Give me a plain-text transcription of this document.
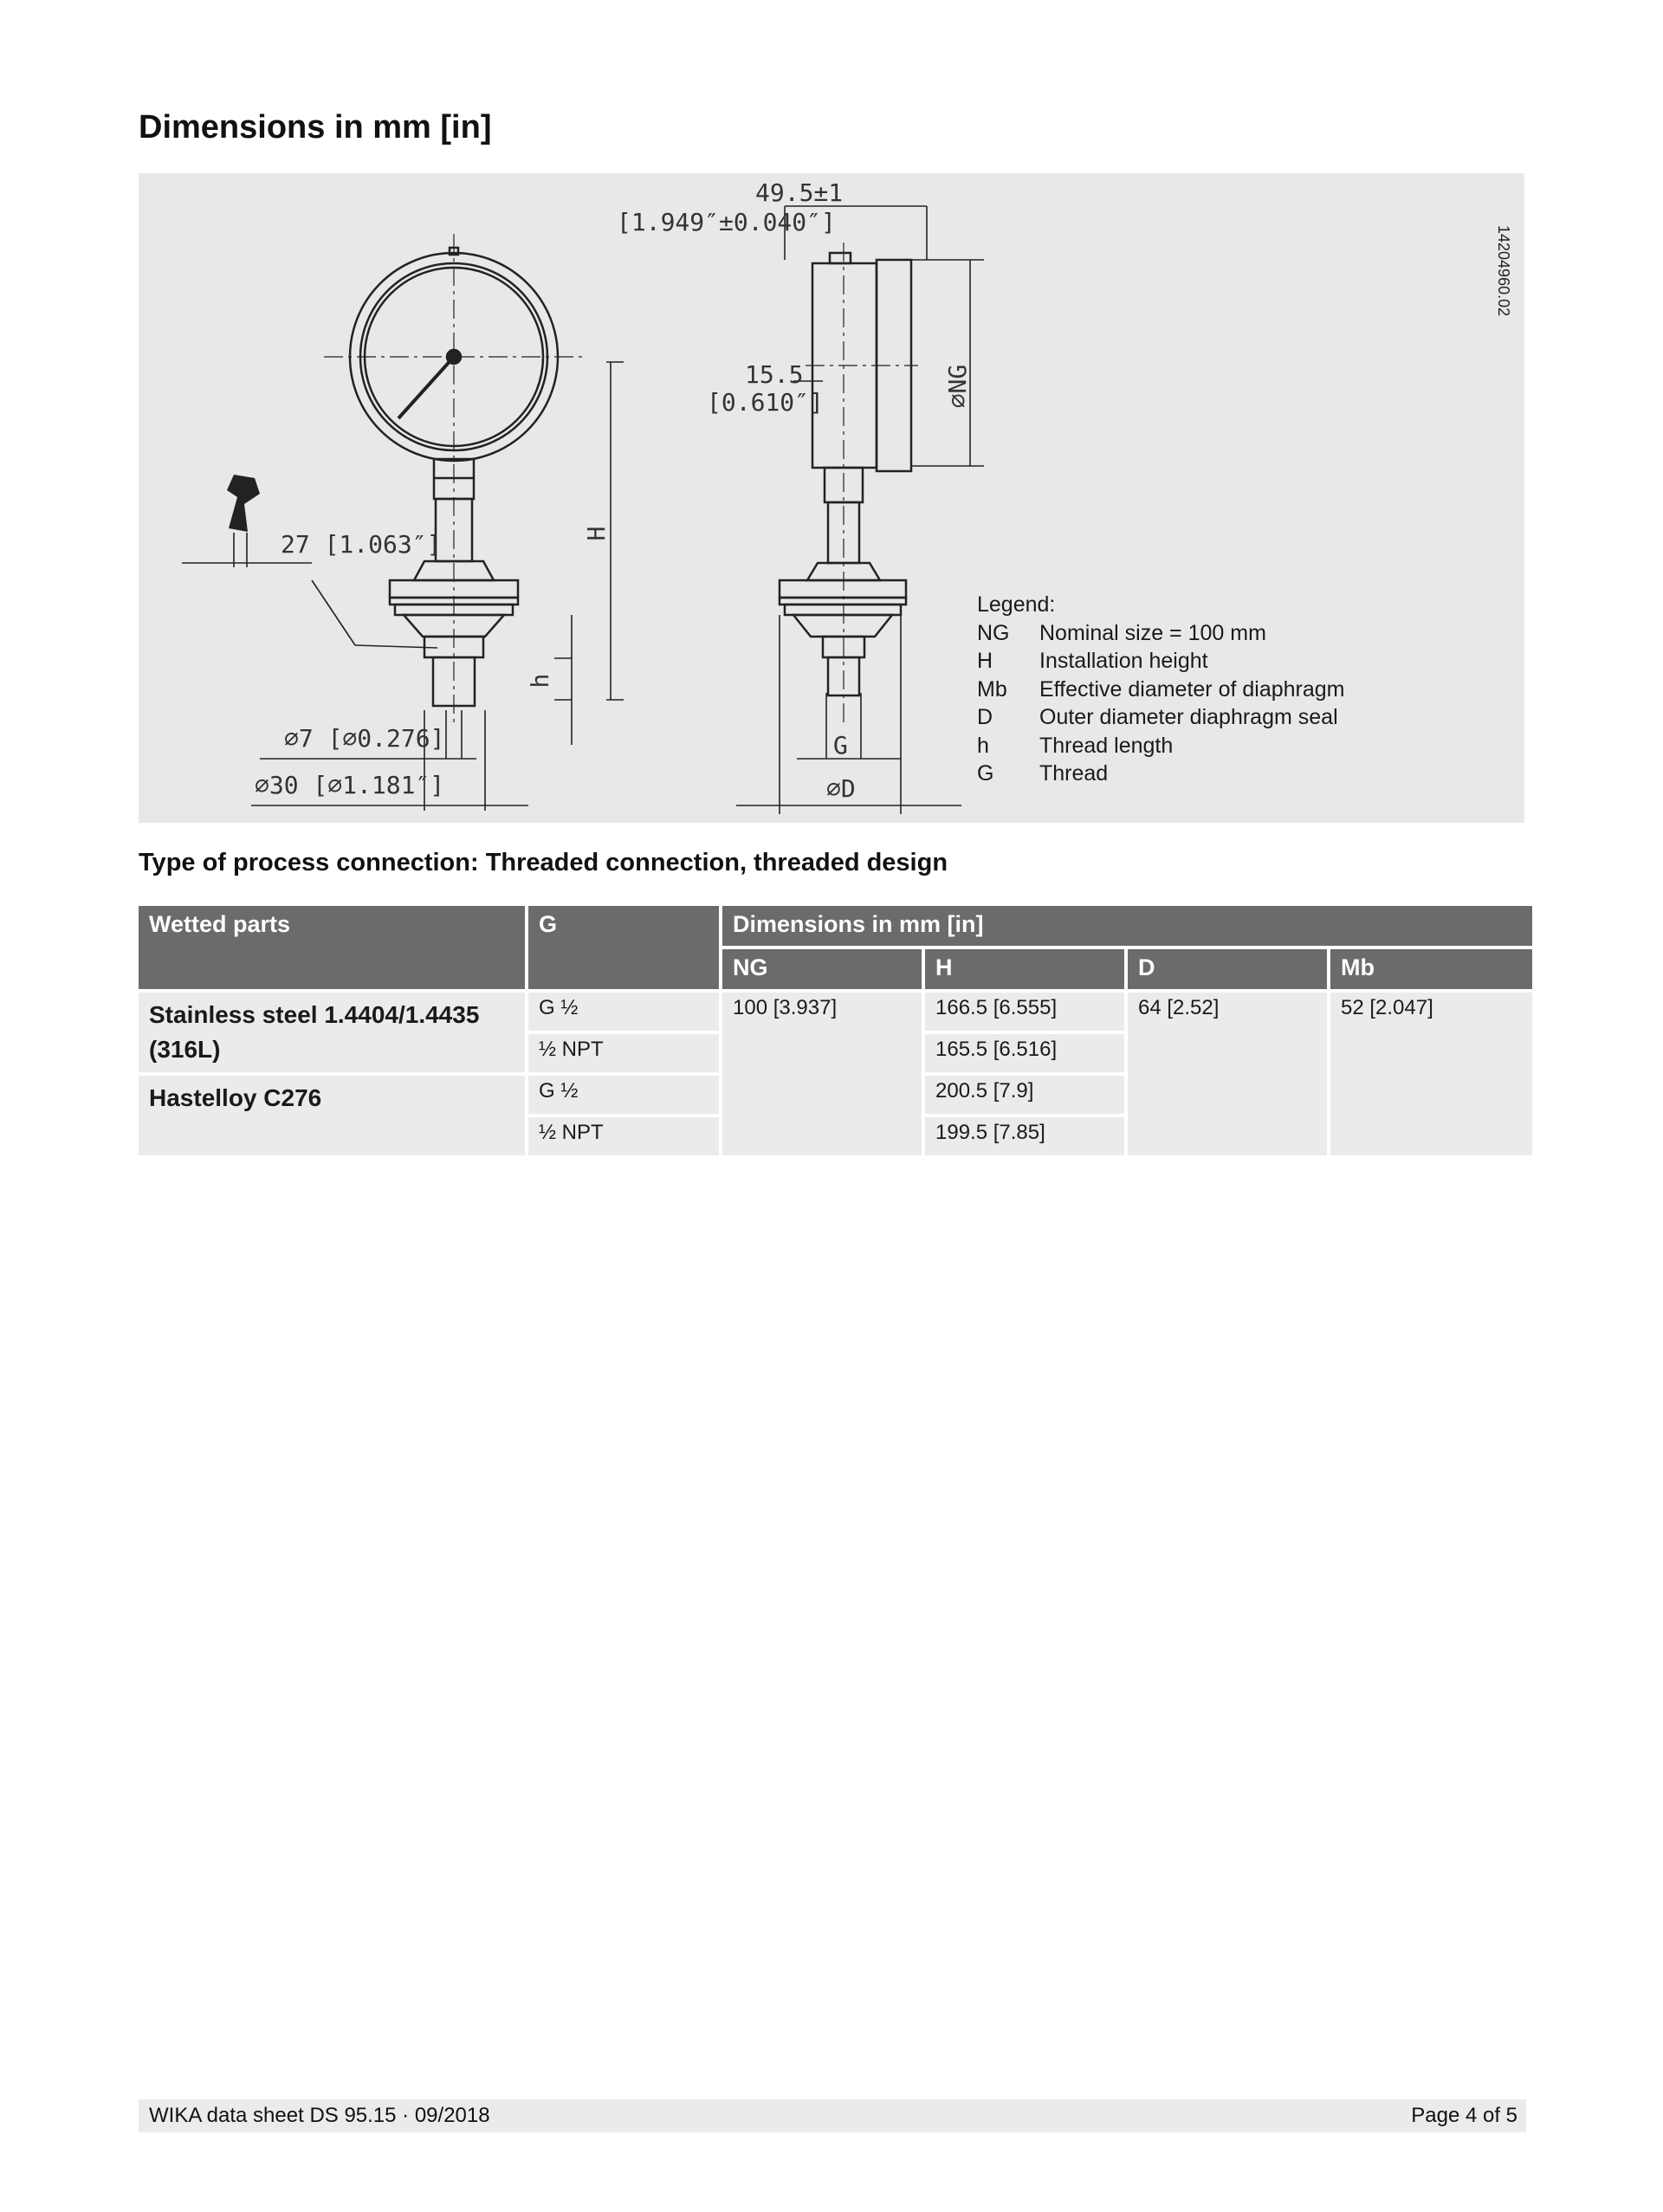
Dimensions in mm [in]
49.5±1
[1.949″±0.040″]
15.5
[0.610″]
27 [1.063″]
⌀7 [⌀0.276]
⌀30 [⌀1.181″]
⌀NG
H
h
G
⌀D
14204960.02

Legend:

NG	Nominal size = 100 mm
H	Installation height
Mb	Effective diameter of diaphragm
D	Outer diameter diaphragm seal
h	Thread length
G	Thread
Type of process connection: Threaded connection, threaded design
Wetted parts	G	Dimensions in mm [in]			
		NG	H	D	Mb
Stainless steel 1.4404/1.4435 (316L)	G ½	100 [3.937]	166.5 [6.555]	64 [2.52]	52 [2.047]
	½ NPT		165.5 [6.516]		
Hastelloy C276	G ½		200.5 [7.9]		
	½ NPT		199.5 [7.85]		
WIKA data sheet DS 95.15 · 09/2018	Page 4 of 5
